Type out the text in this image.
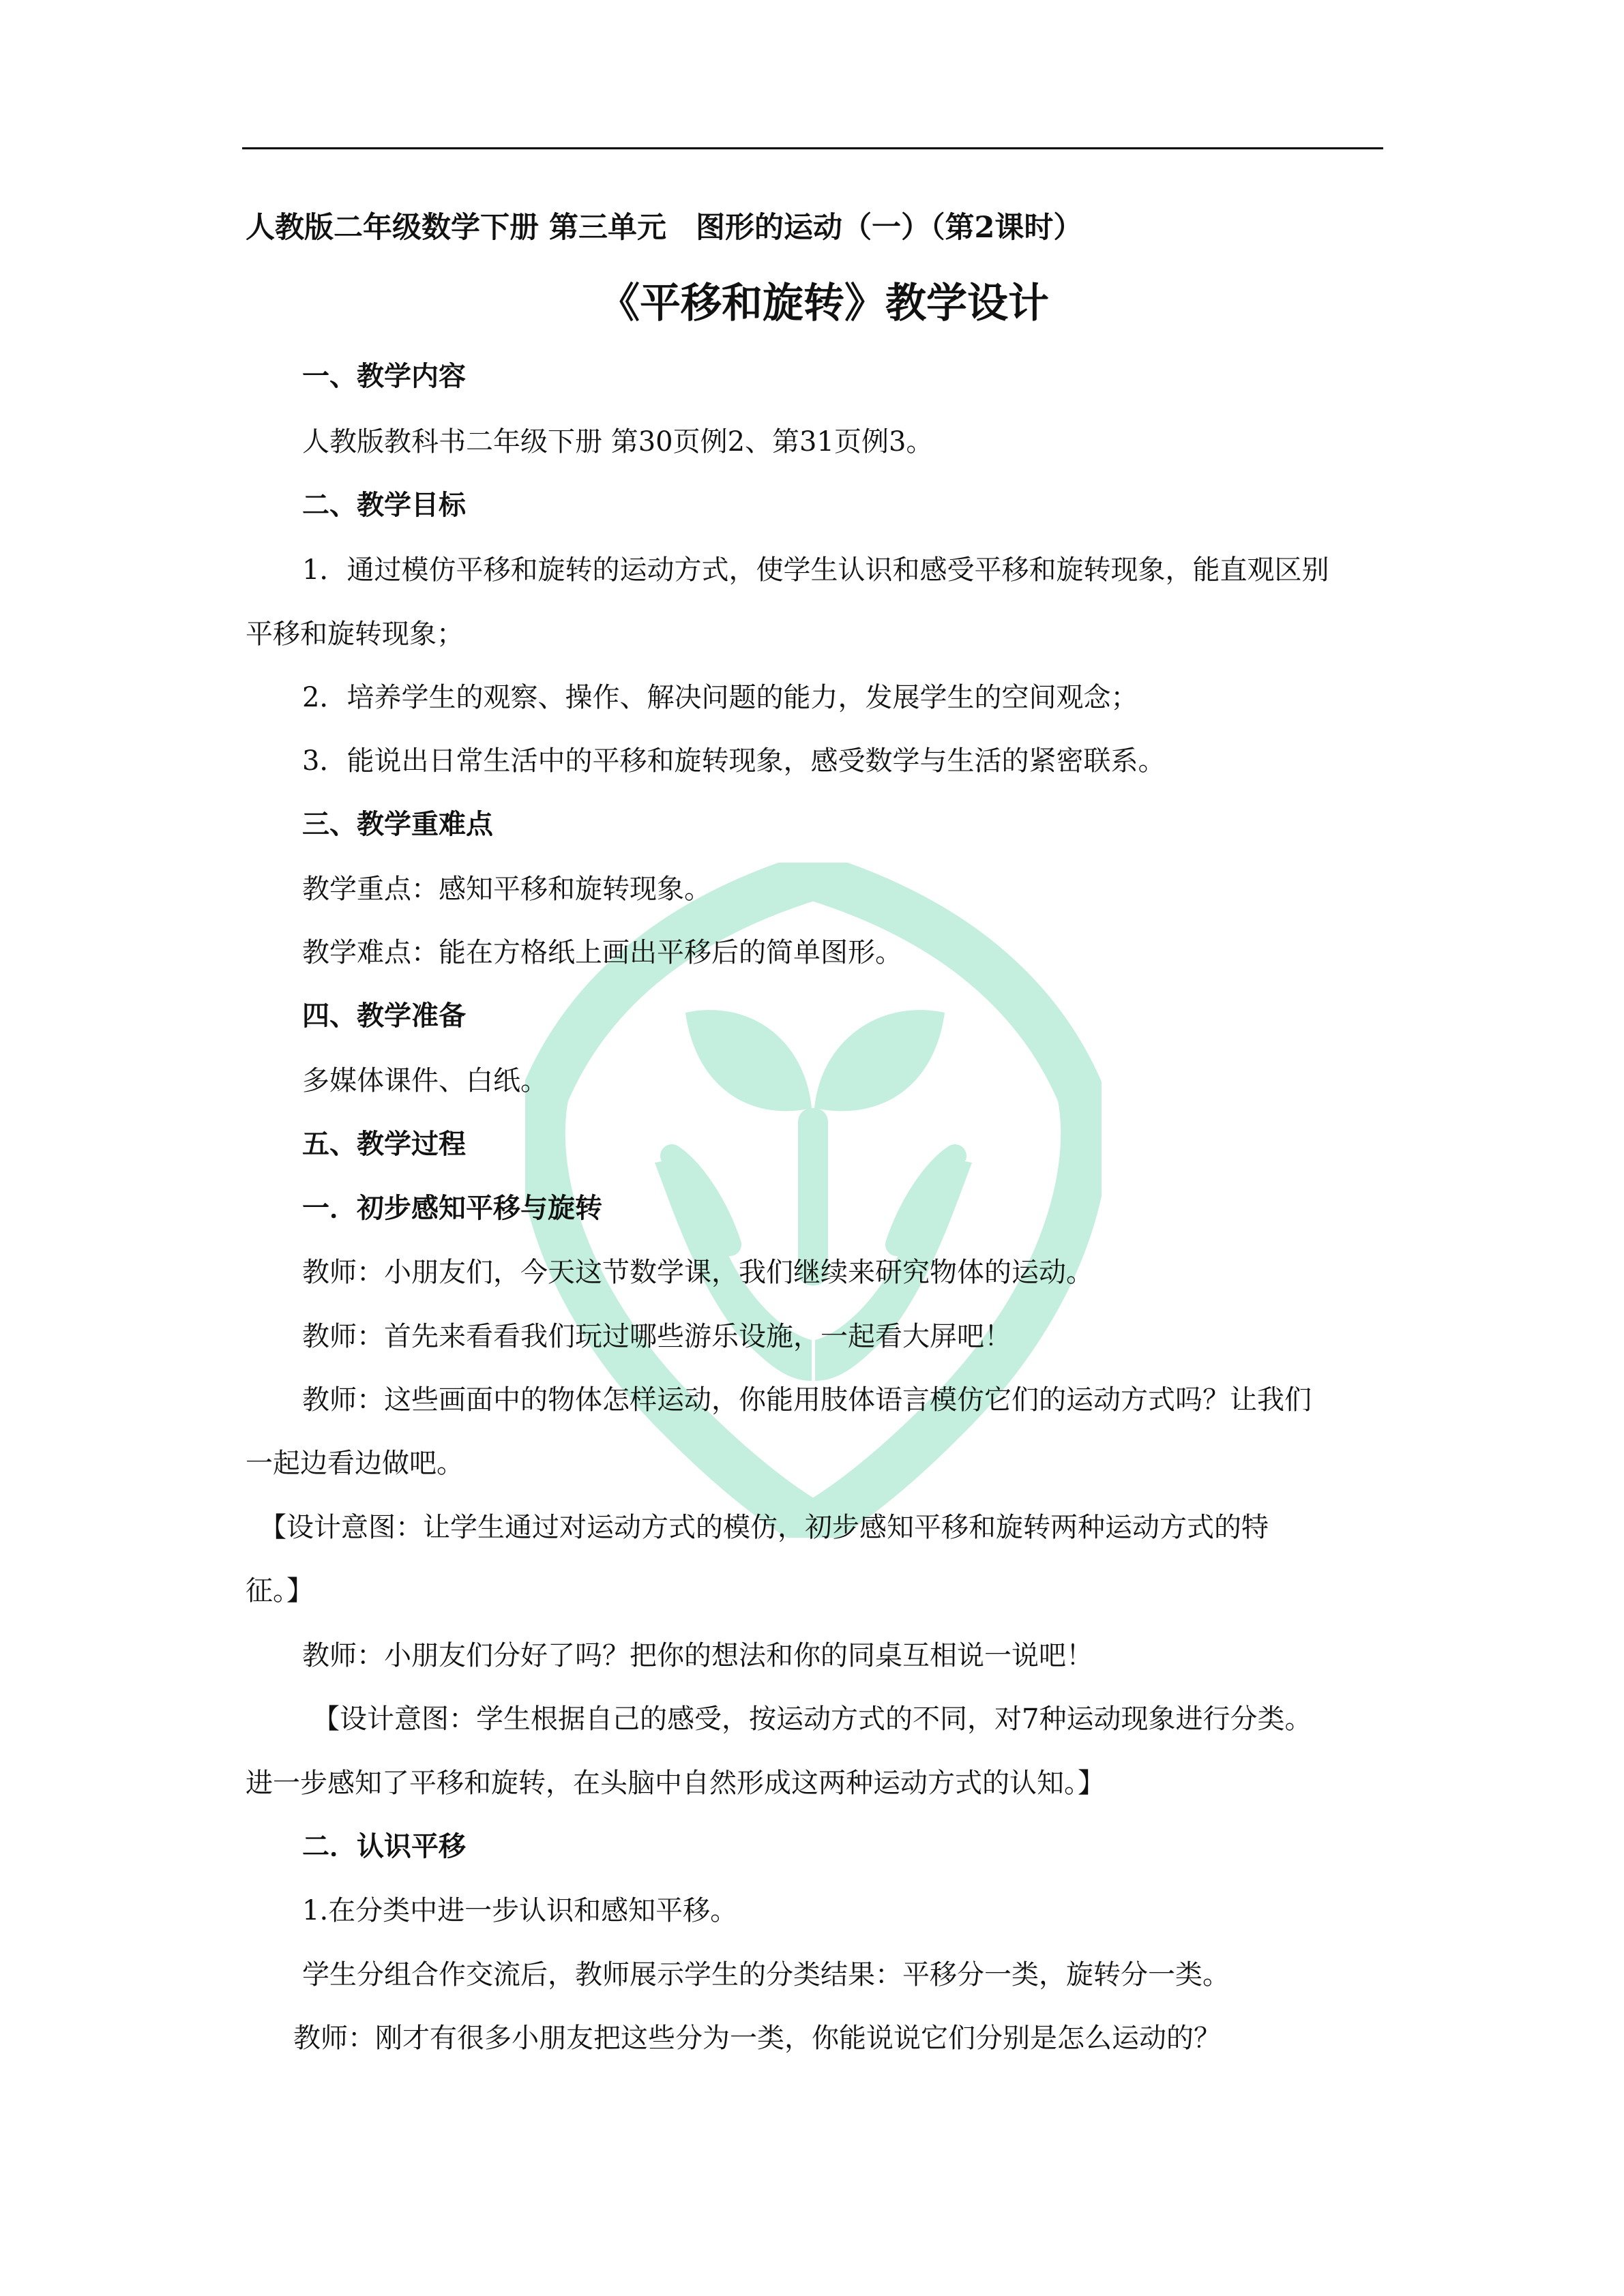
人教版二年级数学下册 第三单元　图形的运动（一）（第2课时）

《平移和旋转》教学设计

一、教学内容

人教版教科书二年级下册 第30页例2、第31页例3。

二、教学目标

1．通过模仿平移和旋转的运动方式，使学生认识和感受平移和旋转现象，能直观区别

平移和旋转现象；

2．培养学生的观察、操作、解决问题的能力，发展学生的空间观念；

3．能说出日常生活中的平移和旋转现象，感受数学与生活的紧密联系。

三、教学重难点

教学重点：感知平移和旋转现象。

教学难点：能在方格纸上画出平移后的简单图形。

四、教学准备

多媒体课件、白纸。

五、教学过程

一．初步感知平移与旋转

教师：小朋友们，今天这节数学课，我们继续来研究物体的运动。

教师：首先来看看我们玩过哪些游乐设施，一起看大屏吧！

教师：这些画面中的物体怎样运动，你能用肢体语言模仿它们的运动方式吗？让我们

一起边看边做吧。

【设计意图：让学生通过对运动方式的模仿，初步感知平移和旋转两种运动方式的特

征。】

教师：小朋友们分好了吗？把你的想法和你的同桌互相说一说吧！

【设计意图：学生根据自己的感受，按运动方式的不同，对7种运动现象进行分类。

进一步感知了平移和旋转，在头脑中自然形成这两种运动方式的认知。】

二．认识平移

1.在分类中进一步认识和感知平移。

学生分组合作交流后，教师展示学生的分类结果：平移分一类，旋转分一类。

教师：刚才有很多小朋友把这些分为一类，你能说说它们分别是怎么运动的？
